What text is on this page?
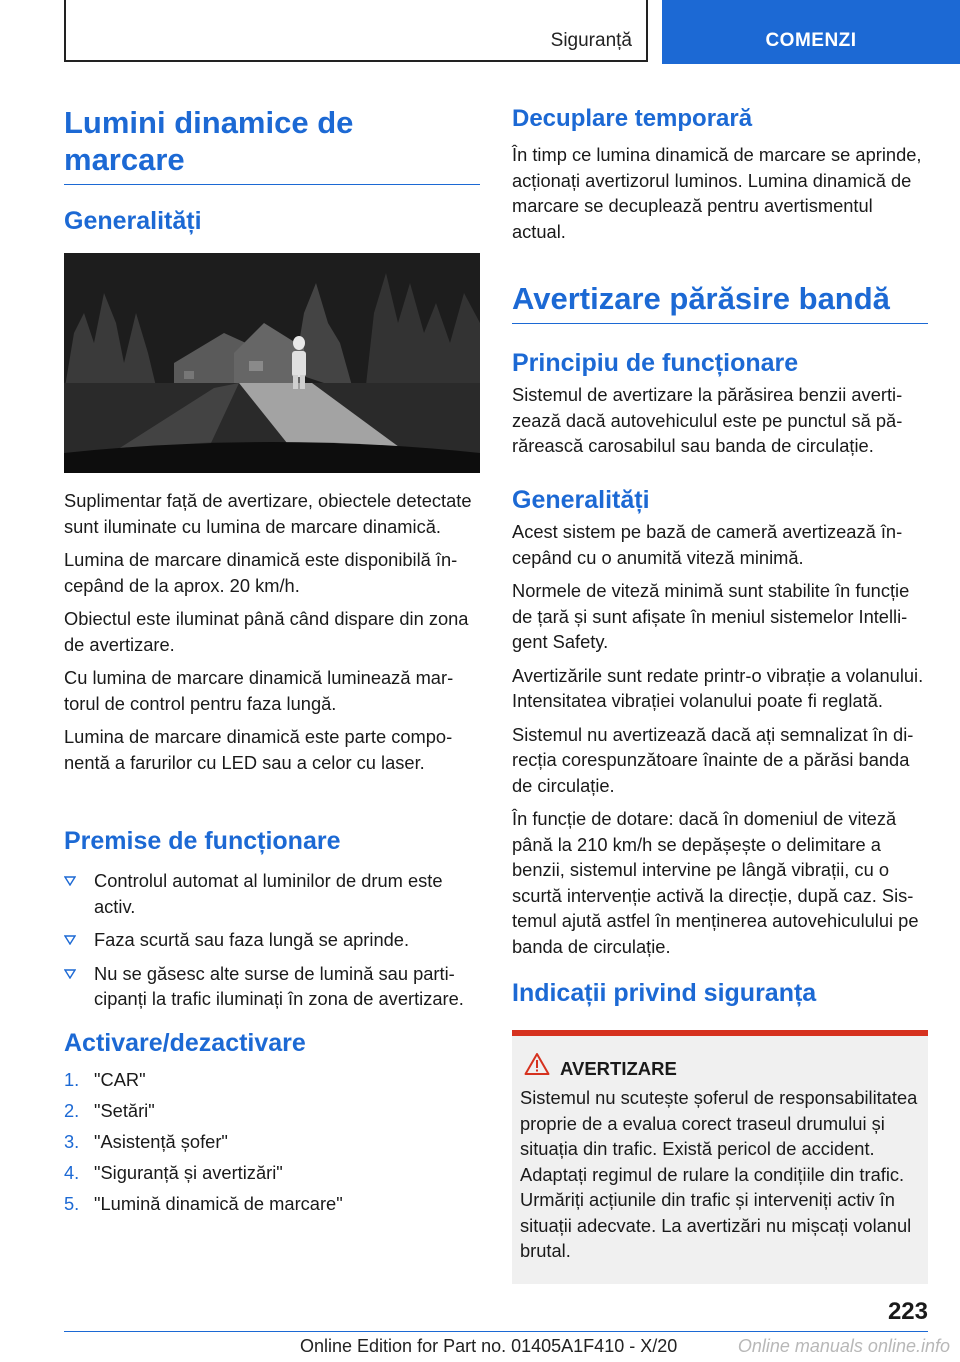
Siguranță	COMENZI
Lumini dinamice de marcare
Generalități

Suplimentar față de avertizare, obiectele detectate sunt iluminate cu lumina de marcare dinamică.

Lumina de marcare dinamică este disponibilă începând de la aprox. 20 km/h.

Obiectul este iluminat până când dispare din zona de avertizare.

Cu lumina de marcare dinamică luminează martorul de control pentru faza lungă.

Lumina de marcare dinamică este parte componentă a farurilor cu LED sau a celor cu laser.

Premise de funcționare
Controlul automat al luminilor de drum este activ.
Faza scurtă sau faza lungă se aprinde.
Nu se găsesc alte surse de lumină sau participanți la trafic iluminați în zona de avertizare.
Activare/dezactivare
1. "CAR"
2. "Setări"
3. "Asistență șofer"
4. "Siguranță și avertizări"
5. "Lumină dinamică de marcare"
Decuplare temporară

În timp ce lumina dinamică de marcare se aprinde, acționați avertizorul luminos. Lumina dinamică de marcare se decuplează pentru avertismentul actual.

Avertizare părăsire bandă
Principiu de funcționare

Sistemul de avertizare la părăsirea benzii avertizează dacă autovehiculul este pe punctul să părărească carosabilul sau banda de circulație.

Generalități

Acest sistem pe bază de cameră avertizează începând cu o anumită viteză minimă.

Normele de viteză minimă sunt stabilite în funcție de țară și sunt afișate în meniul sistemelor Intelligent Safety.

Avertizările sunt redate printr-o vibrație a volanului. Intensitatea vibrației volanului poate fi reglată.

Sistemul nu avertizează dacă ați semnalizat în direcția corespunzătoare înainte de a părăsi banda de circulație.

În funcție de dotare: dacă în domeniul de viteză până la 210 km/h se depășește o delimitare a benzii, sistemul intervine pe lângă vibrații, cu o scurtă intervenție activă la direcție, după caz. Sistemul ajută astfel în menținerea autovehiculului pe banda de circulație.

Indicații privind siguranța
AVERTIZARE

Sistemul nu scutește șoferul de responsabilitatea proprie de a evalua corect traseul drumului și situația din trafic. Există pericol de accident. Adaptați regimul de rulare la condițiile din trafic. Urmăriți acțiunile din trafic și interveniți activ în situații adecvate. La avertizări nu mișcați volanul brutal.

223
Online Edition for Part no. 01405A1F410 - X/20	Online manuals online.info
